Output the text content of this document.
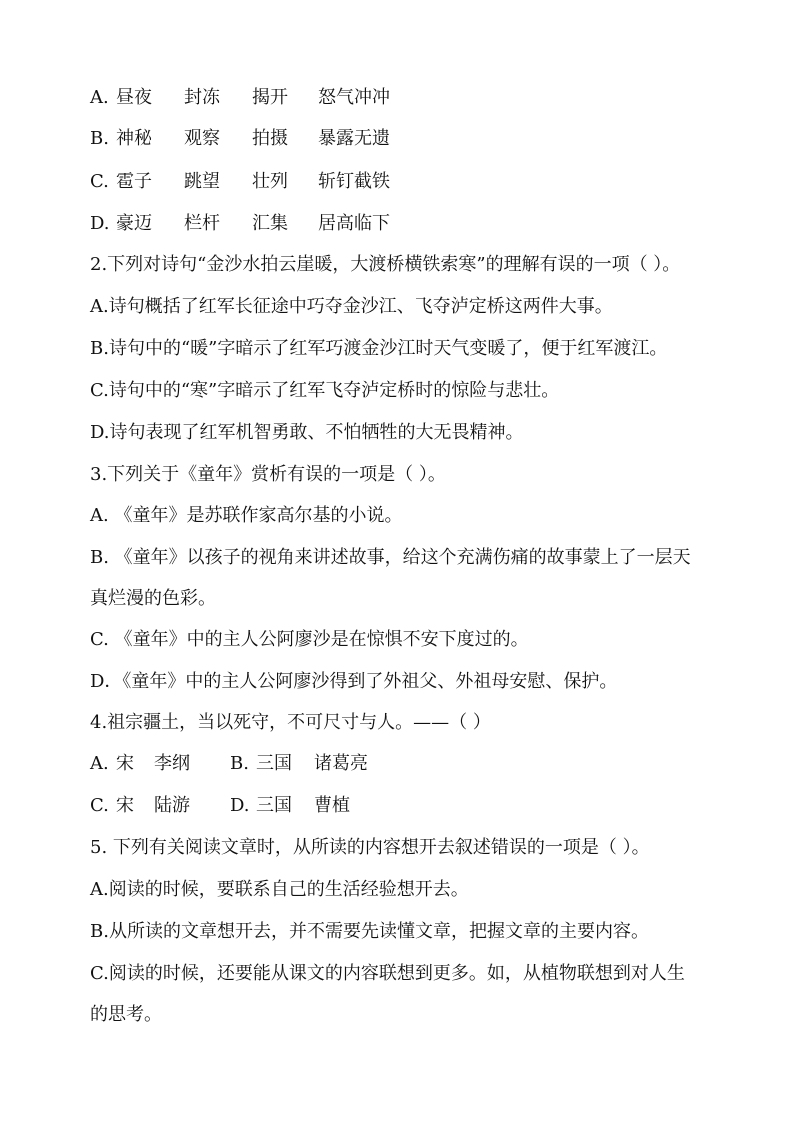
A. 昼夜 封冻 揭开 怒气冲冲
B. 神秘 观察 拍摄 暴露无遗
C. 雹子 跳望 壮列 斩钉截铁
D. 豪迈 栏杆 汇集 居高临下
2.下列对诗句“金沙水拍云崖暖，大渡桥横铁索寒”的理解有误的一项（ ）。
A.诗句概括了红军长征途中巧夺金沙江、飞夺泸定桥这两件大事。
B.诗句中的“暖”字暗示了红军巧渡金沙江时天气变暖了，便于红军渡江。
C.诗句中的“寒”字暗示了红军飞夺泸定桥时的惊险与悲壮。
D.诗句表现了红军机智勇敢、不怕牺牲的大无畏精神。
3.下列关于《童年》赏析有误的一项是（ ）。
A. 《童年》是苏联作家高尔基的小说。
B. 《童年》以孩子的视角来讲述故事，给这个充满伤痛的故事蒙上了一层天
真烂漫的色彩。
C. 《童年》中的主人公阿廖沙是在惊惧不安下度过的。
D．《童年》中的主人公阿廖沙得到了外祖父、外祖母安慰、保护。
4.祖宗疆土，当以死守，不可尺寸与人。——（ ）
A. 宋 李纲 B. 三国 诸葛亮
C. 宋 陆游 D. 三国 曹植
5. 下列有关阅读文章时，从所读的内容想开去叙述错误的一项是（ ）。
A.阅读的时候，要联系自己的生活经验想开去。
B.从所读的文章想开去，并不需要先读懂文章，把握文章的主要内容。
C.阅读的时候，还要能从课文的内容联想到更多。如，从植物联想到对人生
的思考。
